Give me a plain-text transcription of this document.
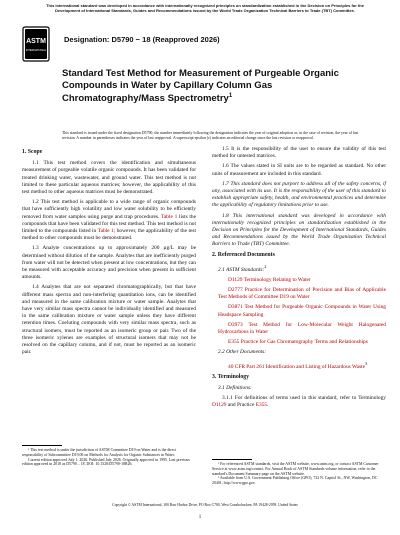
This international standard was developed in accordance with internationally recognized principles on standardization established in the Decision on Principles for the Development of International Standards, Guides and Recommendations issued by the World Trade Organization Technical Barriers to Trade (TBT) Committee.
ASTM
INTERNATIONAL
Designation: D5790 − 18 (Reapproved 2026)
Standard Test Method for Measurement of Purgeable Organic Compounds in Water by Capillary Column Gas Chromatography/Mass Spectrometry$^1$
This standard is issued under the fixed designation D5790; the number immediately following the designation indicates the year of original adoption or, in the case of revision, the year of last revision. A number in parentheses indicates the year of last reapproval. A superscript epsilon (ε) indicates an editorial change since the last revision or reapproval.
1. Scope

1.1 This test method covers the identification and simultaneous measurement of purgeable volatile organic compounds. It has been validated for treated drinking water, wastewater, and ground water. This test method is not limited to these particular aqueous matrices; however, the applicability of this test method to other aqueous matrices must be demonstrated.

1.2 This test method is applicable to a wide range of organic compounds that have sufficiently high volatility and low water solubility to be efficiently removed from water samples using purge and trap procedures. Table 1 lists the compounds that have been validated for this test method. This test method is not limited to the compounds listed in Table 1; however, the applicability of the test method to other compounds must be demonstrated.

1.3 Analyte concentrations up to approximately 200 µg/L may be determined without dilution of the sample. Analytes that are inefficiently purged from water will not be detected when present at low concentrations, but they can be measured with acceptable accuracy and precision when present in sufficient amounts.

1.4 Analytes that are not separated chromatographically, but that have different mass spectra and non-interfering quantitation ions, can be identified and measured in the same calibration mixture or water sample. Analytes that have very similar mass spectra cannot be individually identified and measured in the same calibration mixture or water sample unless they have different retention times. Coeluting compounds with very similar mass spectra, such as structural isomers, must be reported as an isomeric group or pair. Two of the three isomeric xylenes are examples of structural isomers that may not be resolved on the capillary column, and if not, must be reported as an isomeric pair.

1.5 It is the responsibility of the user to ensure the validity of this test method for untested matrices.

1.6 The values stated in SI units are to be regarded as standard. No other units of measurement are included in this standard.

1.7 This standard does not purport to address all of the safety concerns, if any, associated with its use. It is the responsibility of the user of this standard to establish appropriate safety, health, and environmental practices and determine the applicability of regulatory limitations prior to use.

1.8 This international standard was developed in accordance with internationally recognized principles on standardization established in the Decision on Principles for the Development of International Standards, Guides and Recommendations issued by the World Trade Organization Technical Barriers to Trade (TBT) Committee.

2. Referenced Documents

2.1 ASTM Standards:$^2$

D1129 Terminology Relating to Water

D2777 Practice for Determination of Precision and Bias of Applicable Test Methods of Committee D19 on Water

D3871 Test Method for Purgeable Organic Compounds in Water Using Headspace Sampling

D3973 Test Method for Low-Molecular Weight Halogenated Hydrocarbons in Water

E355 Practice for Gas Chromatography Terms and Relationships

2.2 Other Documents:

40 CFR Part 261 Identification and Listing of Hazardous Waste$^3$

3. Terminology

3.1 Definitions:

3.1.1 For definitions of terms used in this standard, refer to Terminology D1129 and Practice E355.

¹ This test method is under the jurisdiction of ASTM Committee D19 on Water and is the direct responsibility of Subcommittee D19.06 on Methods for Analysis for Organic Substances in Water.
Current edition approved July 1, 2026. Published July 2026. Originally approved in 1995. Last previous edition approved in 2018 as D5790 – 18. DOI: 10.1520/D5790-18R26.	² For referenced ASTM standards, visit the ASTM website, www.astm.org, or contact ASTM Customer Service at www.astm.org/contact. For Annual Book of ASTM Standards volume information, refer to the standard's Document Summary page on the ASTM website.
³ Available from U.S. Government Publishing Office (GPO), 732 N. Capitol St., NW, Washington, DC 20401, http://www.gpo.gov.
Copyright © ASTM International, 100 Barr Harbor Drive, PO Box C700, West Conshohocken, PA 19428-2959. United States
1
